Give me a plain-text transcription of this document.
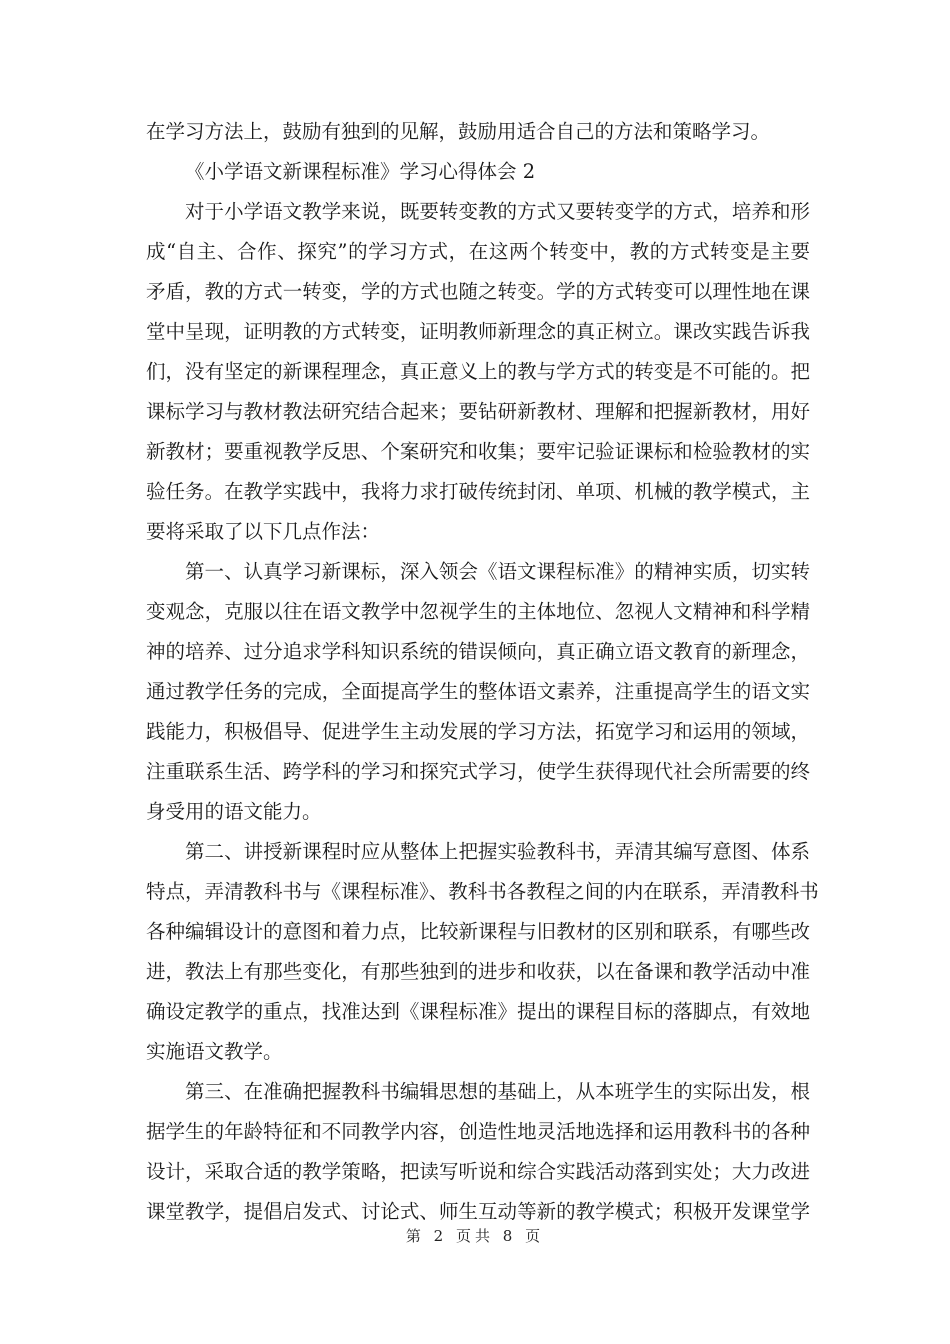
在学习方法上，鼓励有独到的见解，鼓励用适合自己的方法和策略学习。
《小学语文新课程标准》学习心得体会 2
对于小学语文教学来说，既要转变教的方式又要转变学的方式，培养和形
成“自主、合作、探究”的学习方式，在这两个转变中，教的方式转变是主要
矛盾，教的方式一转变，学的方式也随之转变。学的方式转变可以理性地在课
堂中呈现，证明教的方式转变，证明教师新理念的真正树立。课改实践告诉我
们，没有坚定的新课程理念，真正意义上的教与学方式的转变是不可能的。把
课标学习与教材教法研究结合起来；要钻研新教材、理解和把握新教材，用好
新教材；要重视教学反思、个案研究和收集；要牢记验证课标和检验教材的实
验任务。在教学实践中，我将力求打破传统封闭、单项、机械的教学模式，主
要将采取了以下几点作法：
第一、认真学习新课标，深入领会《语文课程标准》的精神实质，切实转
变观念，克服以往在语文教学中忽视学生的主体地位、忽视人文精神和科学精
神的培养、过分追求学科知识系统的错误倾向，真正确立语文教育的新理念，
通过教学任务的完成，全面提高学生的整体语文素养，注重提高学生的语文实
践能力，积极倡导、促进学生主动发展的学习方法，拓宽学习和运用的领域，
注重联系生活、跨学科的学习和探究式学习，使学生获得现代社会所需要的终
身受用的语文能力。
第二、讲授新课程时应从整体上把握实验教科书，弄清其编写意图、体系
特点，弄清教科书与《课程标准》、教科书各教程之间的内在联系，弄清教科书
各种编辑设计的意图和着力点，比较新课程与旧教材的区别和联系，有哪些改
进，教法上有那些变化，有那些独到的进步和收获，以在备课和教学活动中准
确设定教学的重点，找准达到《课程标准》提出的课程目标的落脚点，有效地
实施语文教学。
第三、在准确把握教科书编辑思想的基础上，从本班学生的实际出发，根
据学生的年龄特征和不同教学内容，创造性地灵活地选择和运用教科书的各种
设计，采取合适的教学策略，把读写听说和综合实践活动落到实处；大力改进
课堂教学，提倡启发式、讨论式、师生互动等新的教学模式；积极开发课堂学
第 2 页共 8 页
